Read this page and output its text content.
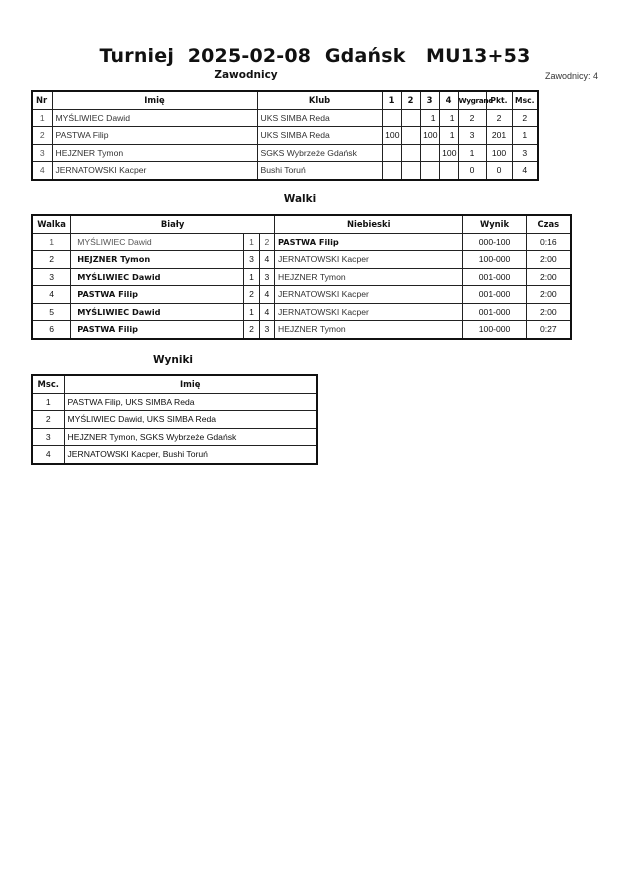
Turniej  2025-02-08  Gdańsk   MU13+53
Zawodnicy	Zawodnicy: 4
Nr	Imię	Klub	1	2	3	4	Wygrane	Pkt.	Msc.
1	MYŚLIWIEC Dawid	UKS SIMBA Reda			1	1	2	2	2
2	PASTWA Filip	UKS SIMBA Reda	100		100	1	3	201	1
3	HEJZNER Tymon	SGKS Wybrzeże Gdańsk				100	1	100	3
4	JERNATOWSKI Kacper	Bushi Toruń					0	0	4
Walki
Walka	Biały			Niebieski	Wynik	Czas
1	MYŚLIWIEC Dawid	1	2	PASTWA Filip	000-100	0:16
2	HEJZNER Tymon	3	4	JERNATOWSKI Kacper	100-000	2:00
3	MYŚLIWIEC Dawid	1	3	HEJZNER Tymon	001-000	2:00
4	PASTWA Filip	2	4	JERNATOWSKI Kacper	001-000	2:00
5	MYŚLIWIEC Dawid	1	4	JERNATOWSKI Kacper	001-000	2:00
6	PASTWA Filip	2	3	HEJZNER Tymon	100-000	0:27
Wyniki
Msc.	Imię
1	PASTWA Filip, UKS SIMBA Reda
2	MYŚLIWIEC Dawid, UKS SIMBA Reda
3	HEJZNER Tymon, SGKS Wybrzeże Gdańsk
4	JERNATOWSKI Kacper, Bushi Toruń
